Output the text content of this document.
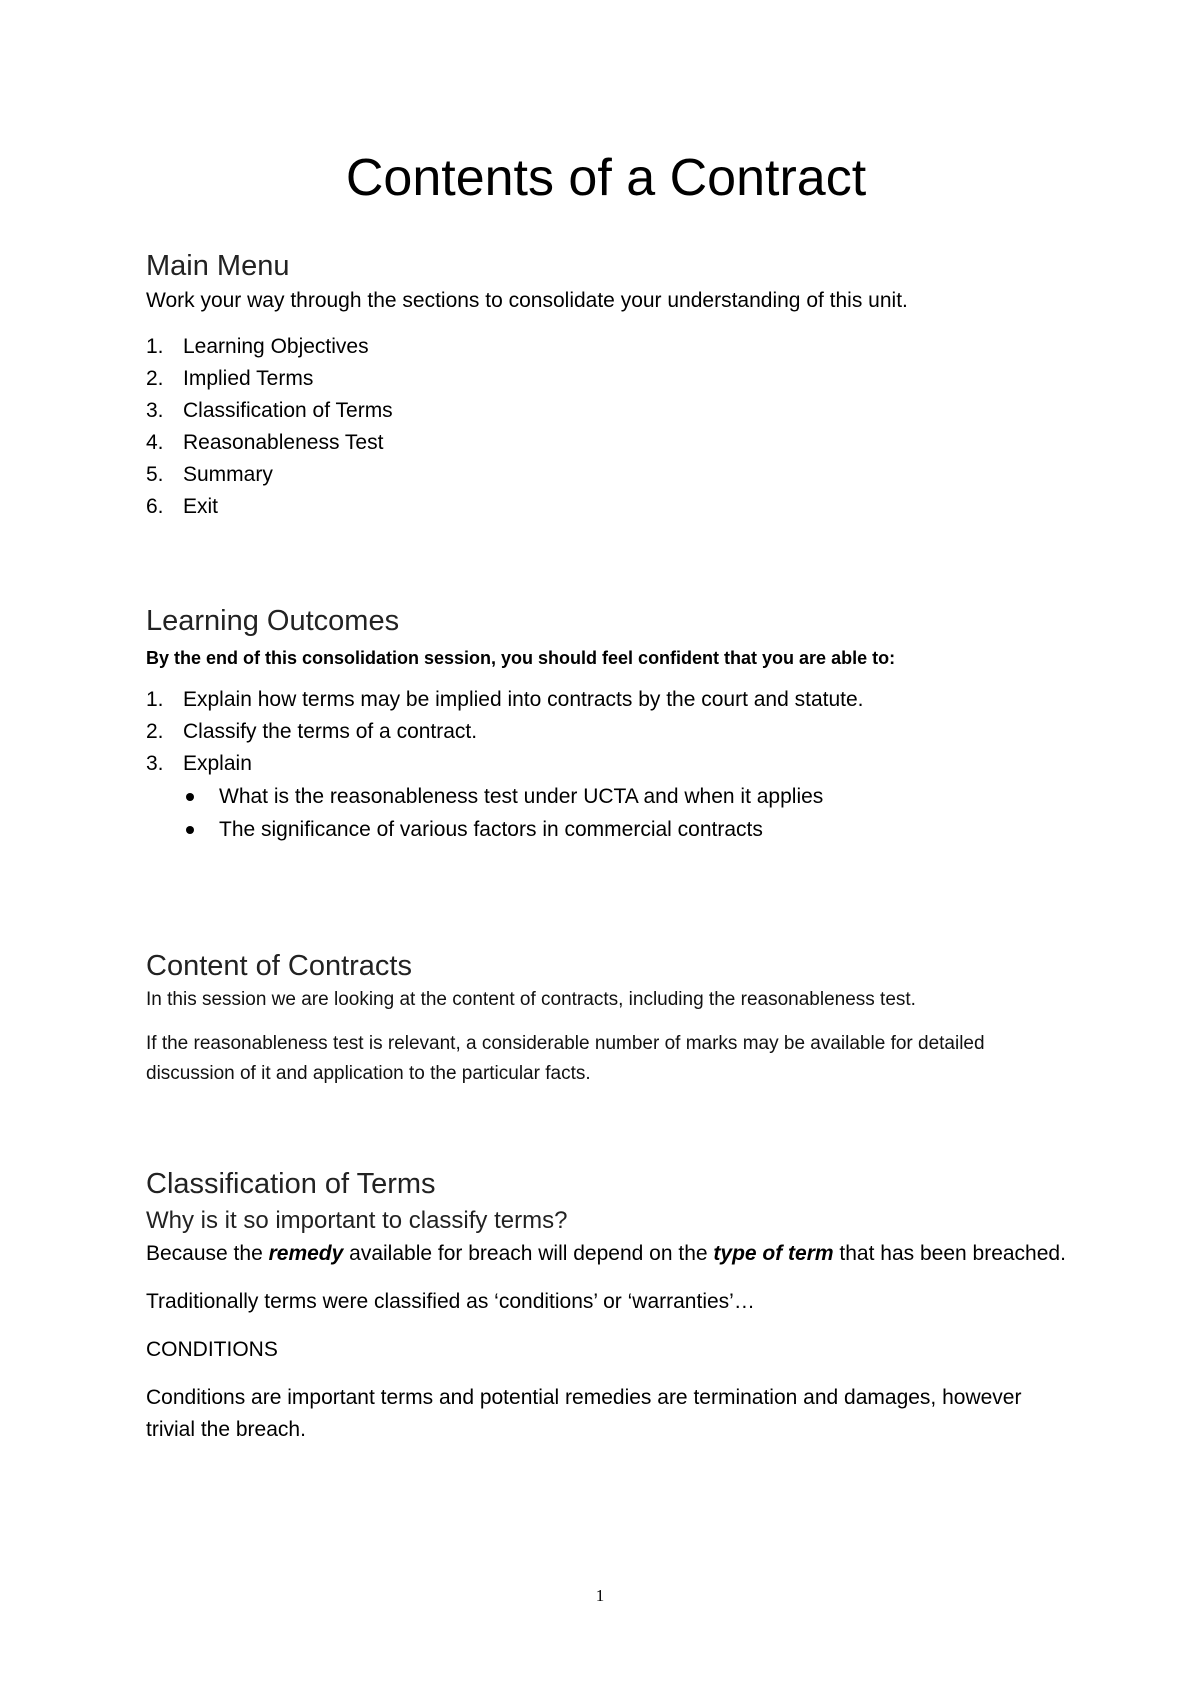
Contents of a Contract
Main Menu

Work your way through the sections to consolidate your understanding of this unit.

1. Learning Objectives
2. Implied Terms
3. Classification of Terms
4. Reasonableness Test
5. Summary
6. Exit
Learning Outcomes

By the end of this consolidation session, you should feel confident that you are able to:

1. Explain how terms may be implied into contracts by the court and statute.
2. Classify the terms of a contract.
3. Explain
What is the reasonableness test under UCTA and when it applies
The significance of various factors in commercial contracts
Content of Contracts

In this session we are looking at the content of contracts, including the reasonableness test.

If the reasonableness test is relevant, a considerable number of marks may be available for detailed discussion of it and application to the particular facts.

Classification of Terms
Why is it so important to classify terms?

Because the remedy available for breach will depend on the type of term that has been breached.

Traditionally terms were classified as ‘conditions’ or ‘warranties’…

CONDITIONS

Conditions are important terms and potential remedies are termination and damages, however trivial the breach.

1
